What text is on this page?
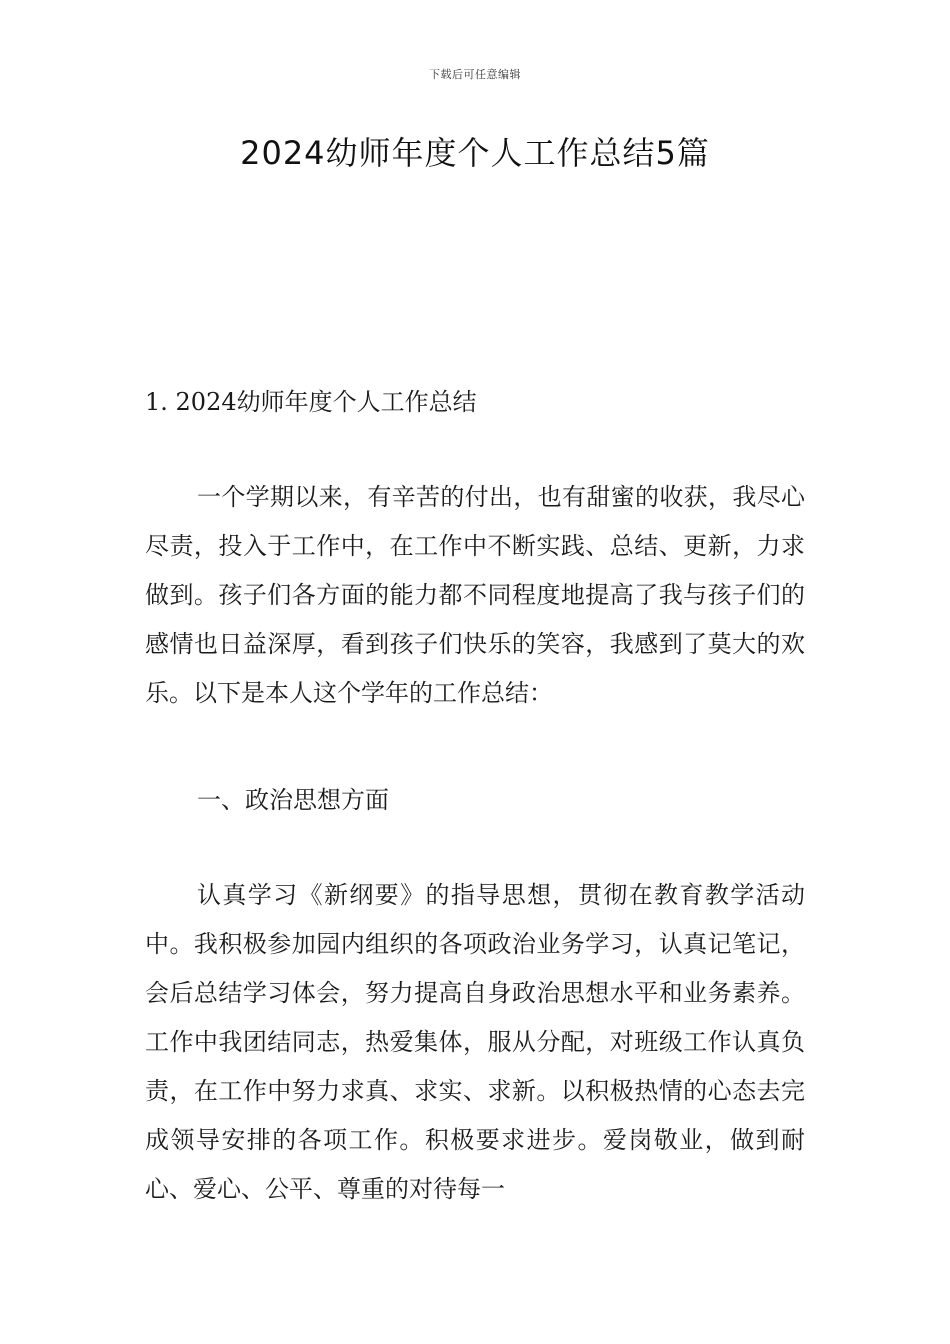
下载后可任意编辑
2024幼师年度个人工作总结5篇
1. 2024幼师年度个人工作总结

一个学期以来，有辛苦的付出，也有甜蜜的收获，我尽心尽责，投入于工作中，在工作中不断实践、总结、更新，力求做到。孩子们各方面的能力都不同程度地提高了我与孩子们的感情也日益深厚，看到孩子们快乐的笑容，我感到了莫大的欢乐。以下是本人这个学年的工作总结：

一、政治思想方面

认真学习《新纲要》的指导思想，贯彻在教育教学活动中。我积极参加园内组织的各项政治业务学习，认真记笔记，会后总结学习体会，努力提高自身政治思想水平和业务素养。工作中我团结同志，热爱集体，服从分配，对班级工作认真负责，在工作中努力求真、求实、求新。以积极热情的心态去完成领导安排的各项工作。积极要求进步。爱岗敬业，做到耐心、爱心、公平、尊重的对待每一
